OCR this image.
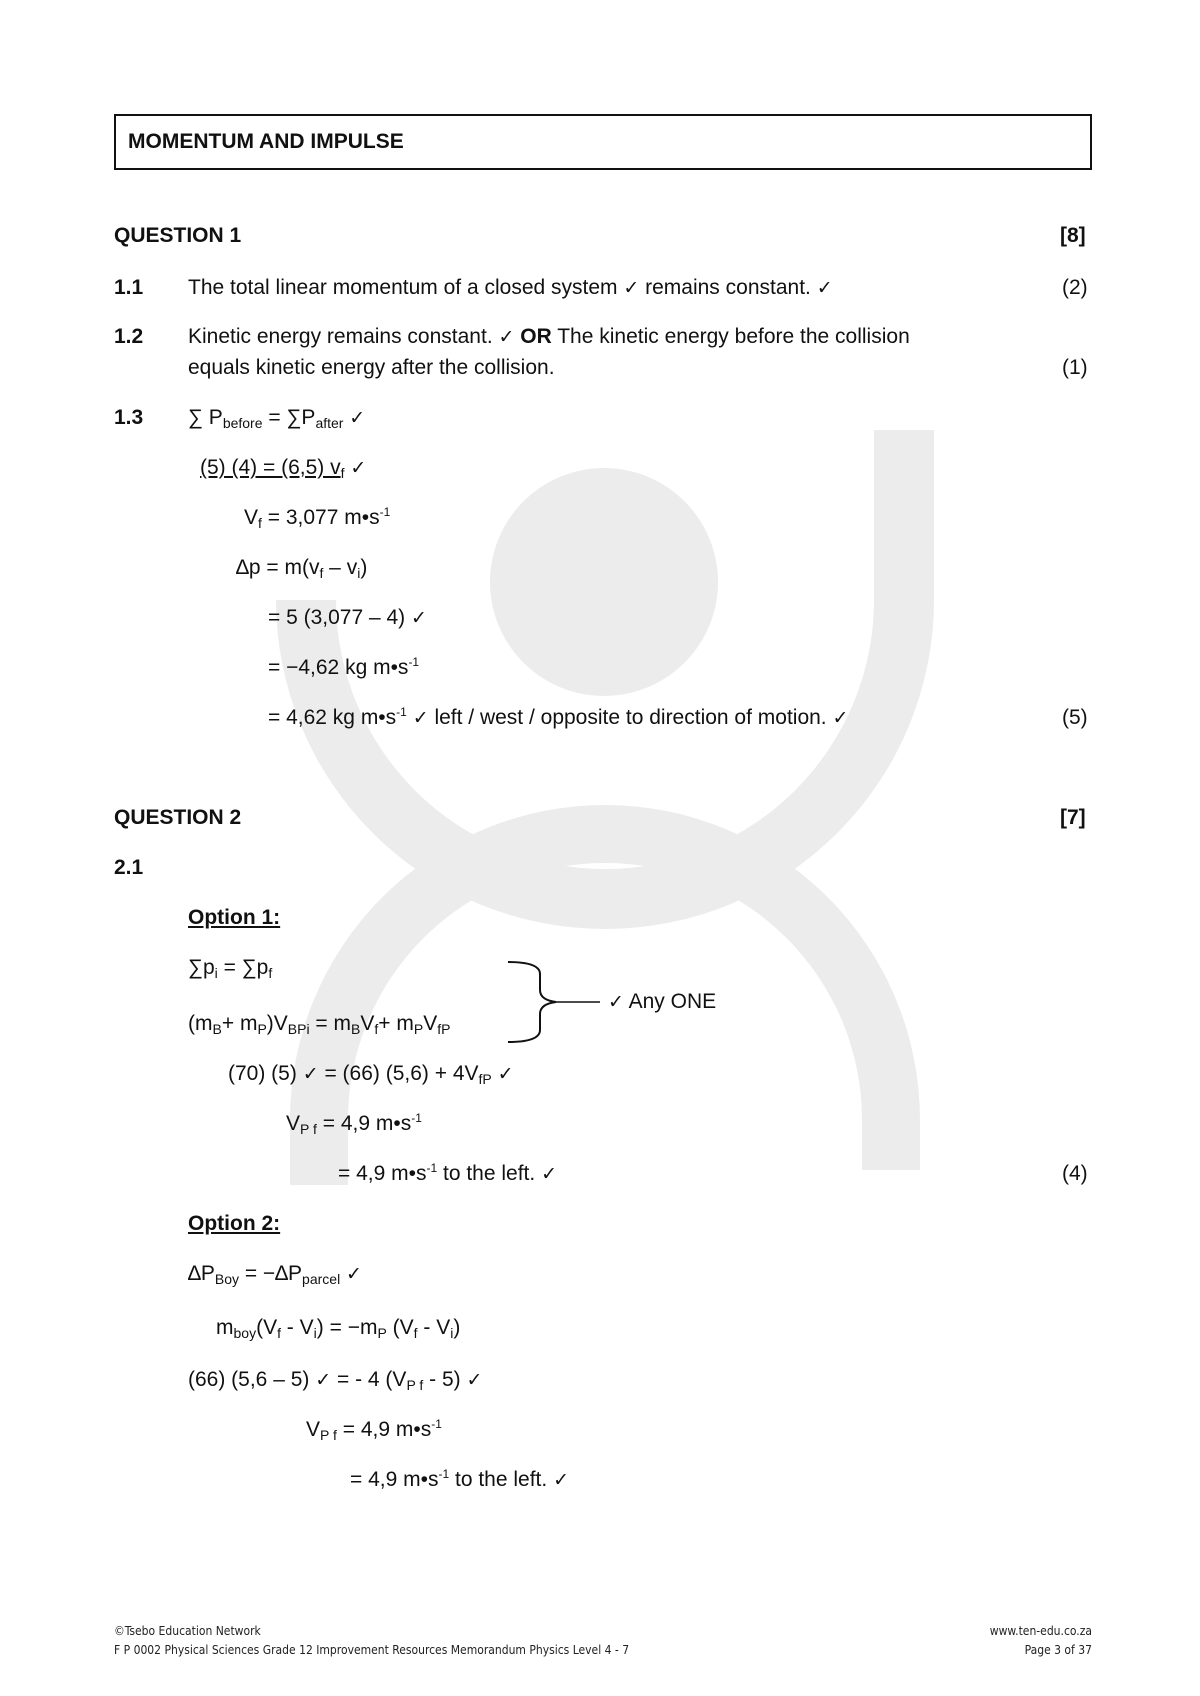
MOMENTUM AND IMPULSE
QUESTION 1	[8]
1.1 The total linear momentum of a closed system ✓ remains constant. ✓	(2)
1.2 Kinetic energy remains constant. ✓ OR The kinetic energy before the collision
equals kinetic energy after the collision.	(1)
1.3 ∑ $P_{before} = \sum P_{after}$ ✓
(5) (4) = (6,5) $v_f$ ✓
$V_f = 3,077$ $m•s^{-1}$
$\Delta p = m(v_f - v_i)$
= 5 (3,077 – 4) ✓
= −4,62 kg $m•s^{-1}$
= 4,62 kg $m•s^{-1}$ ✓ left / west / opposite to direction of motion. ✓	(5)
QUESTION 2	[7]
2.1
Option 1:
$\sum p_i = \sum p_f$
$(m_B+ m_P)V_{BPi} = m_BV_f+ m_PV_{fP}$
✓ Any ONE
(70) (5) ✓ = (66) $(5,6) + 4V_{fP}$ ✓
$V_{P f} = 4,9$ $m•s^{-1}$
= 4,9 $m•s^{-1}$ to the left. ✓	(4)
Option 2:
$\Delta P_{Boy} = -\Delta P_{parcel}$ ✓
$m_{boy}(V_f - V_i) = -m_P$ $(V_f - V_i)$
(66) (5,6 – 5) ✓ = - 4 $(V_{P f} - 5)$ ✓
$V_{P f} = 4,9$ $m•s^{-1}$
= 4,9 $m•s^{-1}$ to the left. ✓
©Tsebo Education Network
F P 0002 Physical Sciences Grade 12 Improvement Resources Memorandum Physics Level 4 - 7
www.ten-edu.co.za
Page 3 of 37
